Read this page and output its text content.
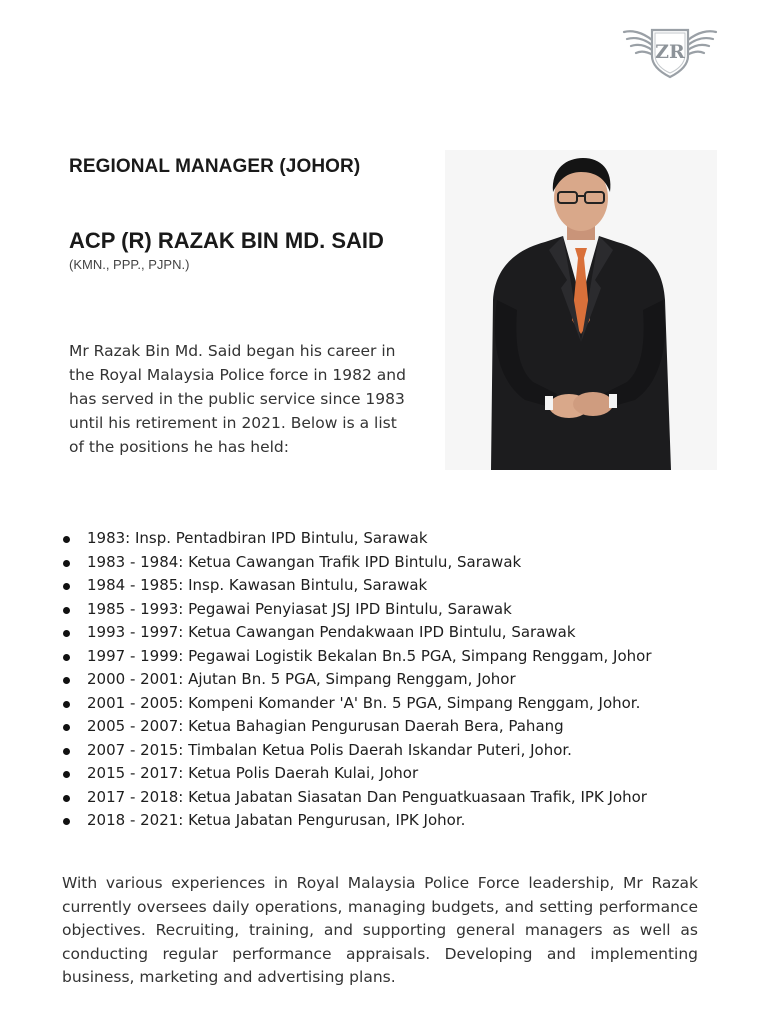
ZR
REGIONAL MANAGER (JOHOR)
ACP (R) RAZAK BIN MD. SAID
(KMN., PPP., PJPN.)
Mr Razak Bin Md. Said began his career in
the Royal Malaysia Police force in 1982 and
has served in the public service since 1983
until his retirement in 2021. Below is a list
of the positions he has held:
1983: Insp. Pentadbiran IPD Bintulu, Sarawak
1983 - 1984: Ketua Cawangan Trafik IPD Bintulu, Sarawak
1984 - 1985: Insp. Kawasan Bintulu, Sarawak
1985 - 1993: Pegawai Penyiasat JSJ IPD Bintulu, Sarawak
1993 - 1997: Ketua Cawangan Pendakwaan IPD Bintulu, Sarawak
1997 - 1999: Pegawai Logistik Bekalan Bn.5 PGA, Simpang Renggam, Johor
2000 - 2001: Ajutan Bn. 5 PGA, Simpang Renggam, Johor
2001 - 2005: Kompeni Komander 'A' Bn. 5 PGA, Simpang Renggam, Johor.
2005 - 2007: Ketua Bahagian Pengurusan Daerah Bera, Pahang
2007 - 2015: Timbalan Ketua Polis Daerah Iskandar Puteri, Johor.
2015 - 2017: Ketua Polis Daerah Kulai, Johor
2017 - 2018: Ketua Jabatan Siasatan Dan Penguatkuasaan Trafik, IPK Johor
2018 - 2021: Ketua Jabatan Pengurusan, IPK Johor.
With various experiences in Royal Malaysia Police Force leadership, Mr Razak
currently oversees daily operations, managing budgets, and setting performance
objectives. Recruiting, training, and supporting general managers as well as
conducting regular performance appraisals. Developing and implementing
business, marketing and advertising plans.
